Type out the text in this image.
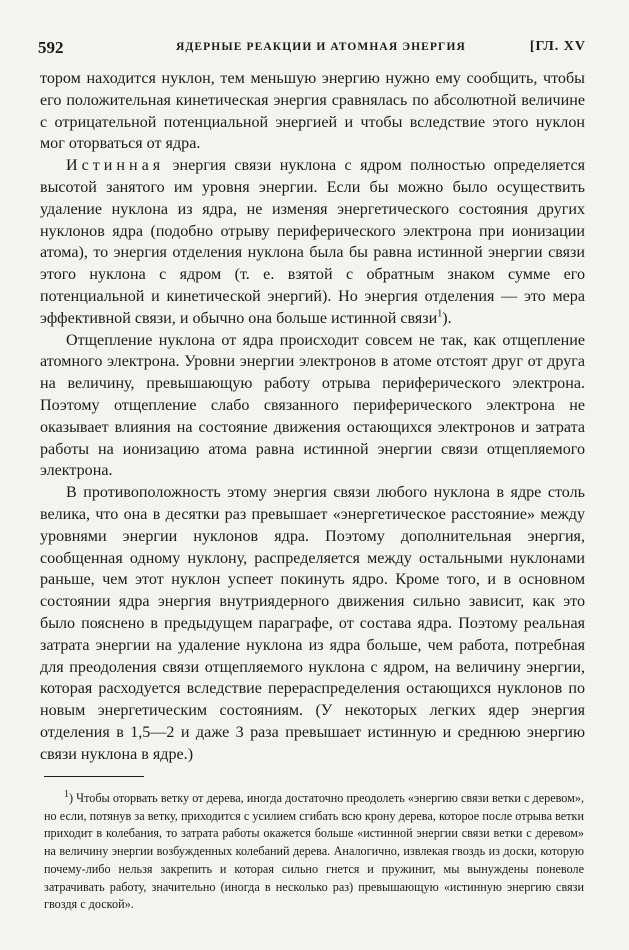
592	ЯДЕРНЫЕ РЕАКЦИИ И АТОМНАЯ ЭНЕРГИЯ	[ГЛ. XV

тором находится нуклон, тем меньшую энергию нужно ему сообщить, чтобы его положительная кинетическая энергия сравнялась по абсолютной величине с отрицательной потенциальной энергией и чтобы вследствие этого нуклон мог оторваться от ядра.

Истинная энергия связи нуклона с ядром полностью определяется высотой занятого им уровня энергии. Если бы можно было осуществить удаление нуклона из ядра, не изменяя энергетического состояния других нуклонов ядра (подобно отрыву периферического электрона при ионизации атома), то энергия отделения нуклона была бы равна истинной энергии связи этого нуклона с ядром (т. е. взятой с обратным знаком сумме его потенциальной и кинетической энергий). Но энергия отделения — это мера эффективной связи, и обычно она больше истинной связи$^1$).

Отщепление нуклона от ядра происходит совсем не так, как отщепление атомного электрона. Уровни энергии электронов в атоме отстоят друг от друга на величину, превышающую работу отрыва периферического электрона. Поэтому отщепление слабо связанного периферического электрона не оказывает влияния на состояние движения остающихся электронов и затрата работы на ионизацию атома равна истинной энергии связи отщепляемого электрона.

В противоположность этому энергия связи любого нуклона в ядре столь велика, что она в десятки раз превышает «энергетическое расстояние» между уровнями энергии нуклонов ядра. Поэтому дополнительная энергия, сообщенная одному нуклону, распределяется между остальными нуклонами раньше, чем этот нуклон успеет покинуть ядро. Кроме того, и в основном состоянии ядра энергия внутриядерного движения сильно зависит, как это было пояснено в предыдущем параграфе, от состава ядра. Поэтому реальная затрата энергии на удаление нуклона из ядра больше, чем работа, потребная для преодоления связи отщепляемого нуклона с ядром, на величину энергии, которая расходуется вследствие перераспределения остающихся нуклонов по новым энергетическим состояниям. (У некоторых легких ядер энергия отделения в 1,5—2 и даже 3 раза превышает истинную и среднюю энергию связи нуклона в ядре.)

$^1$) Чтобы оторвать ветку от дерева, иногда достаточно преодолеть «энергию связи ветки с деревом», но если, потянув за ветку, приходится с усилием сгибать всю крону дерева, которое после отрыва ветки приходит в колебания, то затрата работы окажется больше «истинной энергии связи ветки с деревом» на величину энергии возбужденных колебаний дерева. Аналогично, извлекая гвоздь из доски, которую почему-либо нельзя закрепить и которая сильно гнется и пружинит, мы вынуждены поневоле затрачивать работу, значительно (иногда в несколько раз) превышающую «истинную энергию связи гвоздя с доской».
